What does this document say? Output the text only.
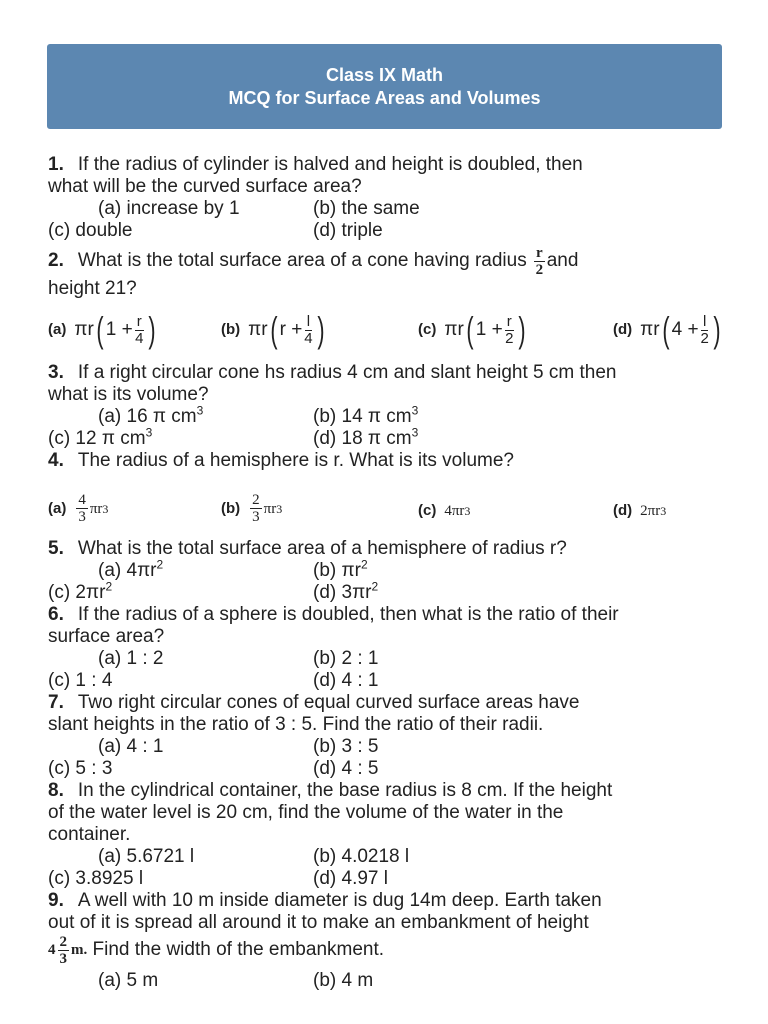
Class IX Math
MCQ for Surface Areas and Volumes

1. If the radius of cylinder is halved and height is doubled, then

what will be the curved surface area?

(a) increase by 1	(b) the same
(c) double	(d) triple

2. What is the total surface area of a cone having radius
$\frac{r}{2}$ and

height 21?

(a) πr ( $1 + \frac{r}{4}$ )	(b) πr ( $r + \frac{l}{4}$ )	(c) πr ( $1 + \frac{r}{2}$ )	(d) πr ( $4 + \frac{l}{2}$ )

3. If a right circular cone hs radius 4 cm and slant height 5 cm then

what is its volume?

(a) 16 π $cm^3$	(b) 14 π $cm^3$
(c) 12 π $cm^3$	(d) 18 π $cm^3$

4. The radius of a hemisphere is r. What is its volume?

$(a) \frac{4}{3}$ πr 3	$(b) \frac{2}{3}$ πr 3	(c) 4πr 3	(d) 2πr 3

5. What is the total surface area of a hemisphere of radius r?

(a) $4\pi r^2$	(b) $\pi r^2$
(c) $2\pi r^2$	(d) $3\pi r^2$

6. If the radius of a sphere is doubled, then what is the ratio of their

surface area?

(a) 1 : 2	(b) 2 : 1
(c) 1 : 4	(d) 4 : 1

7. Two right circular cones of equal curved surface areas have

slant heights in the ratio of 3 : 5. Find the ratio of their radii.

(a) 4 : 1	(b) 3 : 5
(c) 5 : 3	(d) 4 : 5

8. In the cylindrical container, the base radius is 8 cm. If the height

of the water level is 20 cm, find the volume of the water in the

container.

(a) 5.6721 l	(b) 4.0218 l
(c) 3.8925 l	(d) 4.97 l

9. A well with 10 m inside diameter is dug 14m deep. Earth taken

out of it is spread all around it to make an embankment of height

$4 \frac{2}{3} m$.
Find the width of the embankment.

(a) 5 m	(b) 4 m
